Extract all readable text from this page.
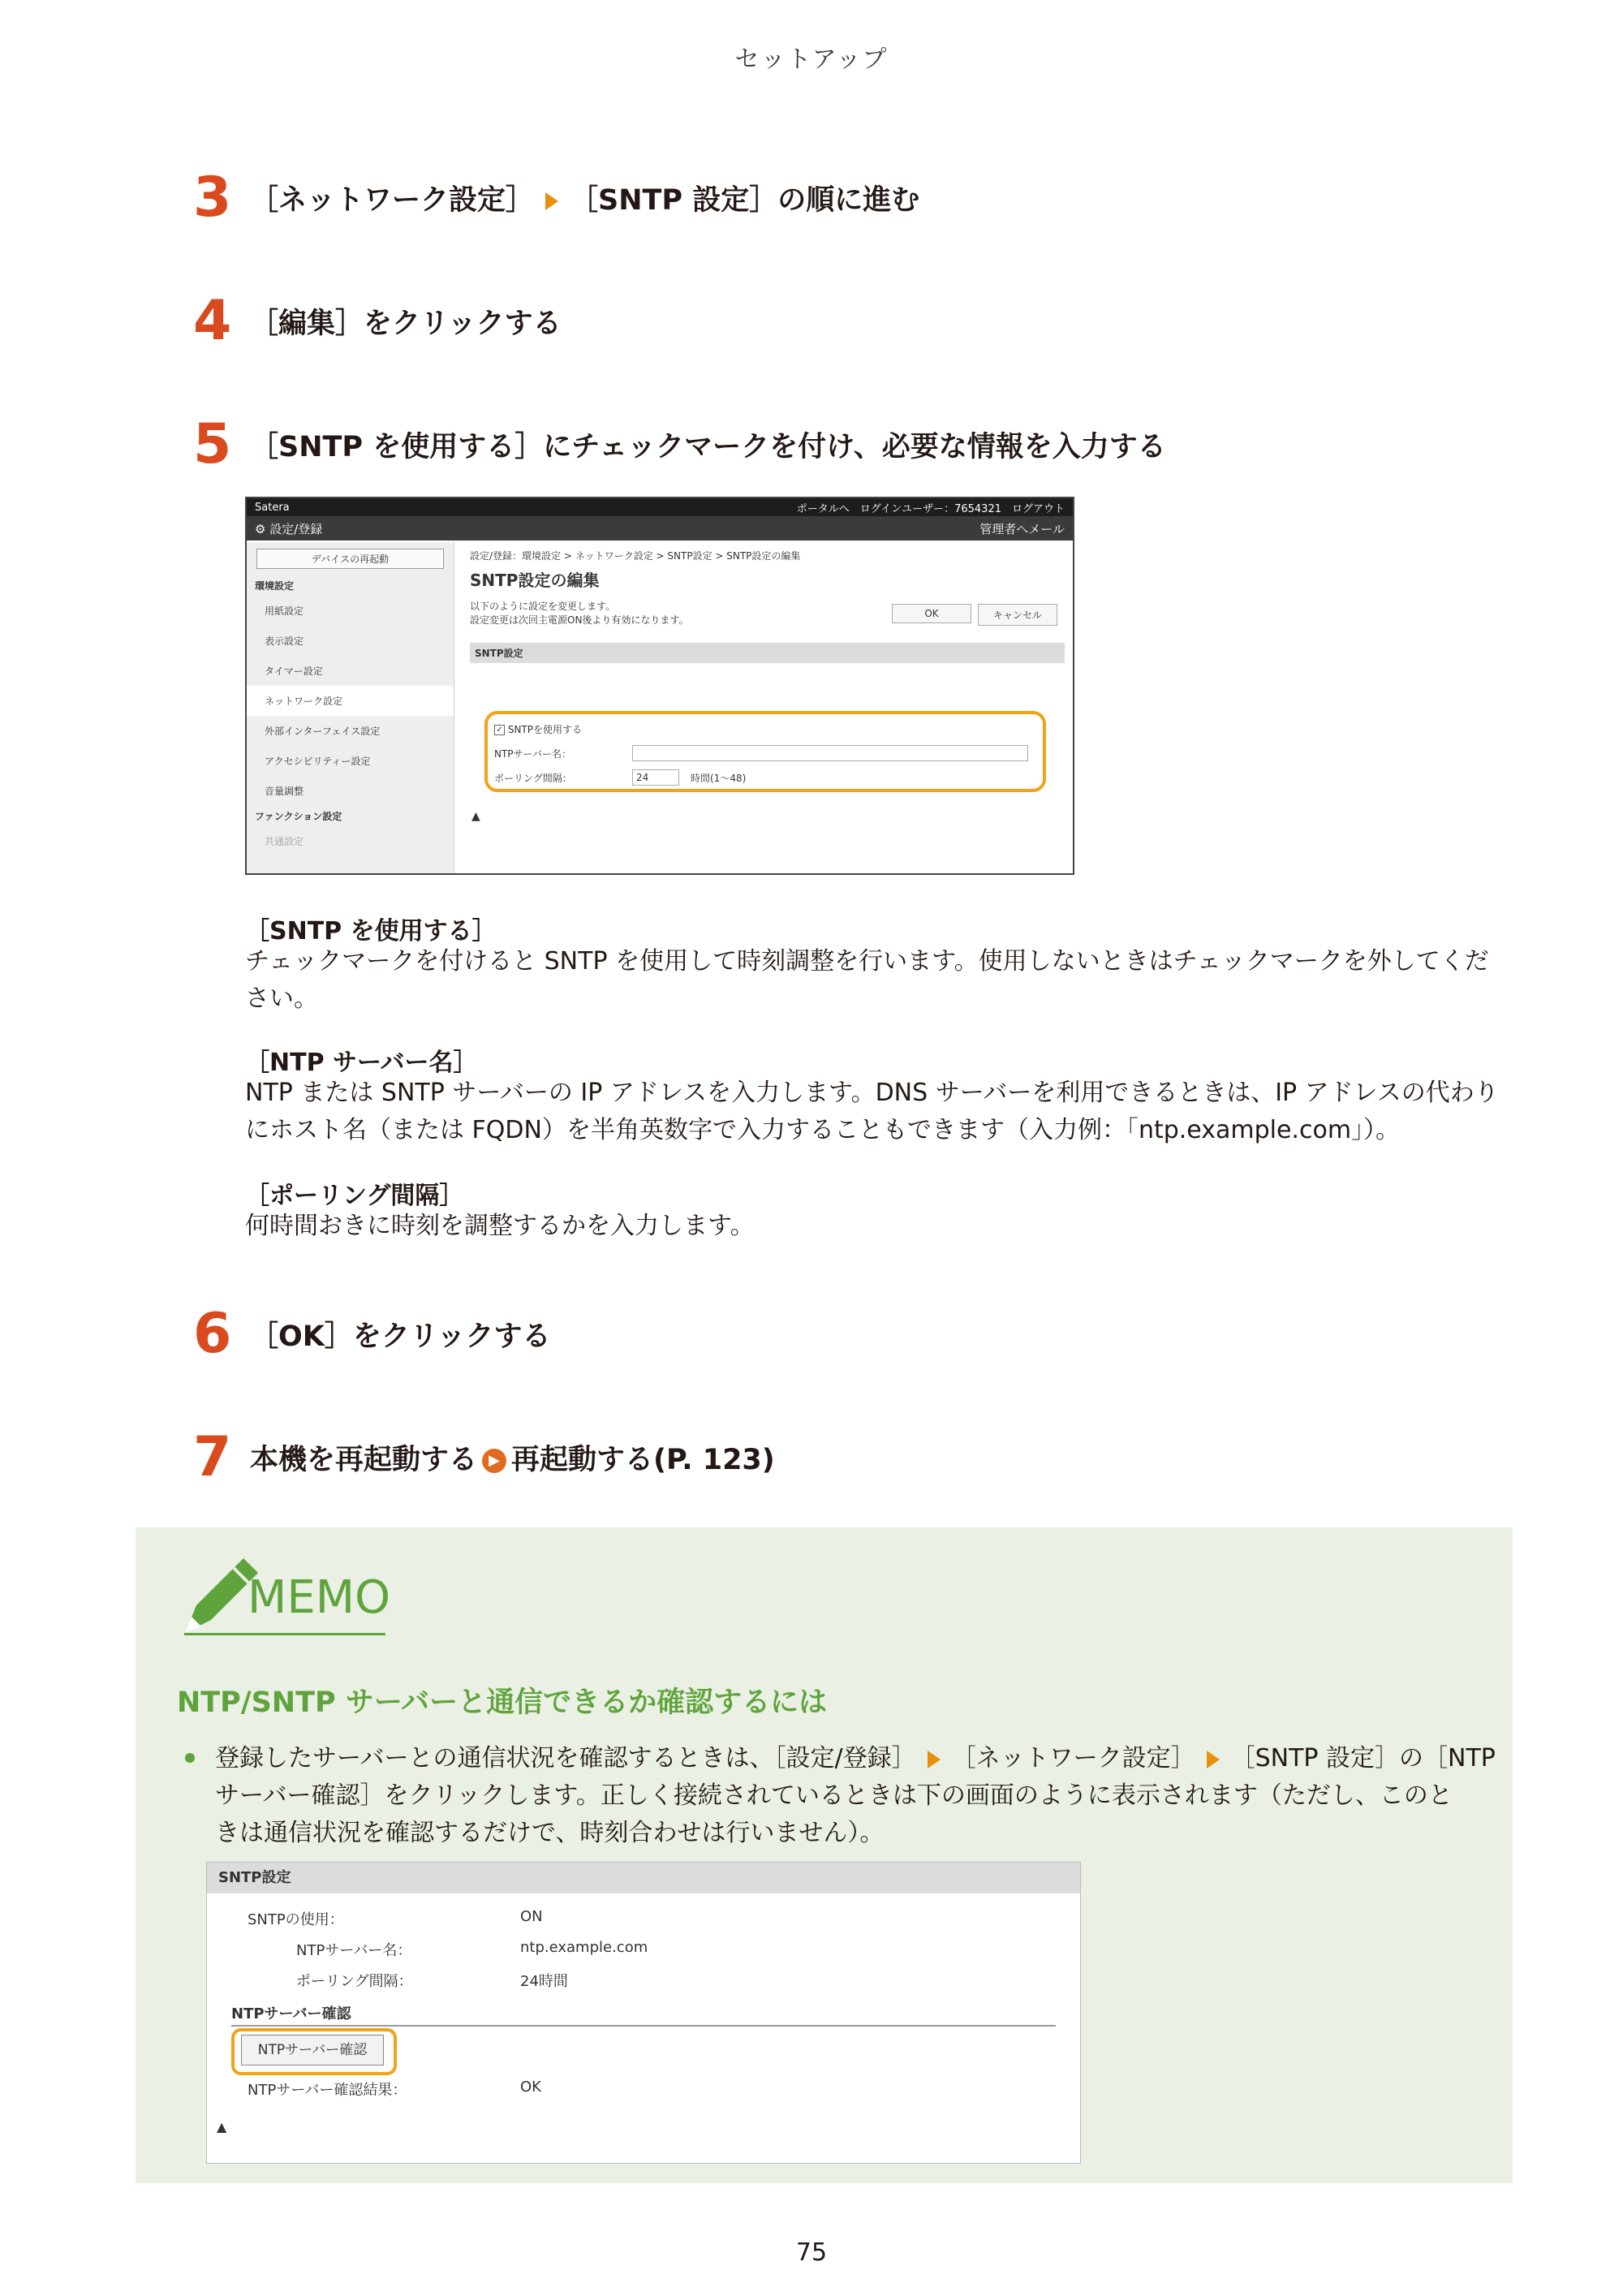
セットアップ
3 ［ネットワーク設定］ ［SNTP 設定］の順に進む
4 ［編集］をクリックする
5 ［SNTP を使用する］にチェックマークを付け、必要な情報を入力する
Satera	ポータルへ　ログインユーザー：7654321　ログアウト
⚙ 設定/登録	管理者へメール
デバイスの再起動
環境設定
用紙設定
表示設定
タイマー設定
ネットワーク設定
外部インターフェイス設定
アクセシビリティー設定
音量調整
ファンクション設定
共通設定
設定/登録：環境設定 > ネットワーク設定 > SNTP設定 > SNTP設定の編集
SNTP設定の編集
以下のように設定を変更します。
設定変更は次回主電源ON後より有効になります。
OK	キャンセル
SNTP設定
✓ SNTPを使用する
NTPサーバー名：
ポーリング間隔：	24	時間(1～48)
▲
［SNTP を使用する］
チェックマークを付けると SNTP を使用して時刻調整を行います。使用しないときはチェックマークを外してください。
［NTP サーバー名］
NTP または SNTP サーバーの IP アドレスを入力します。DNS サーバーを利用できるときは、IP アドレスの代わりにホスト名（または FQDN）を半角英数字で入力することもできます（入力例：「ntp.example.com」）。
［ポーリング間隔］
何時間おきに時刻を調整するかを入力します。
6 ［OK］をクリックする
7 本機を再起動する ▶ 再起動する(P. 123)
MEMO
NTP/SNTP サーバーと通信できるか確認するには
登録したサーバーとの通信状況を確認するときは、［設定/登録］ ［ネットワーク設定］ ［SNTP 設定］の［NTP
サーバー確認］をクリックします。正しく接続されているときは下の画面のように表示されます（ただし、このと
きは通信状況を確認するだけで、時刻合わせは行いません）。
SNTP設定
SNTPの使用：	ON
NTPサーバー名：	ntp.example.com
ポーリング間隔：	24時間
NTPサーバー確認
NTPサーバー確認
NTPサーバー確認結果：	OK
▲
75
